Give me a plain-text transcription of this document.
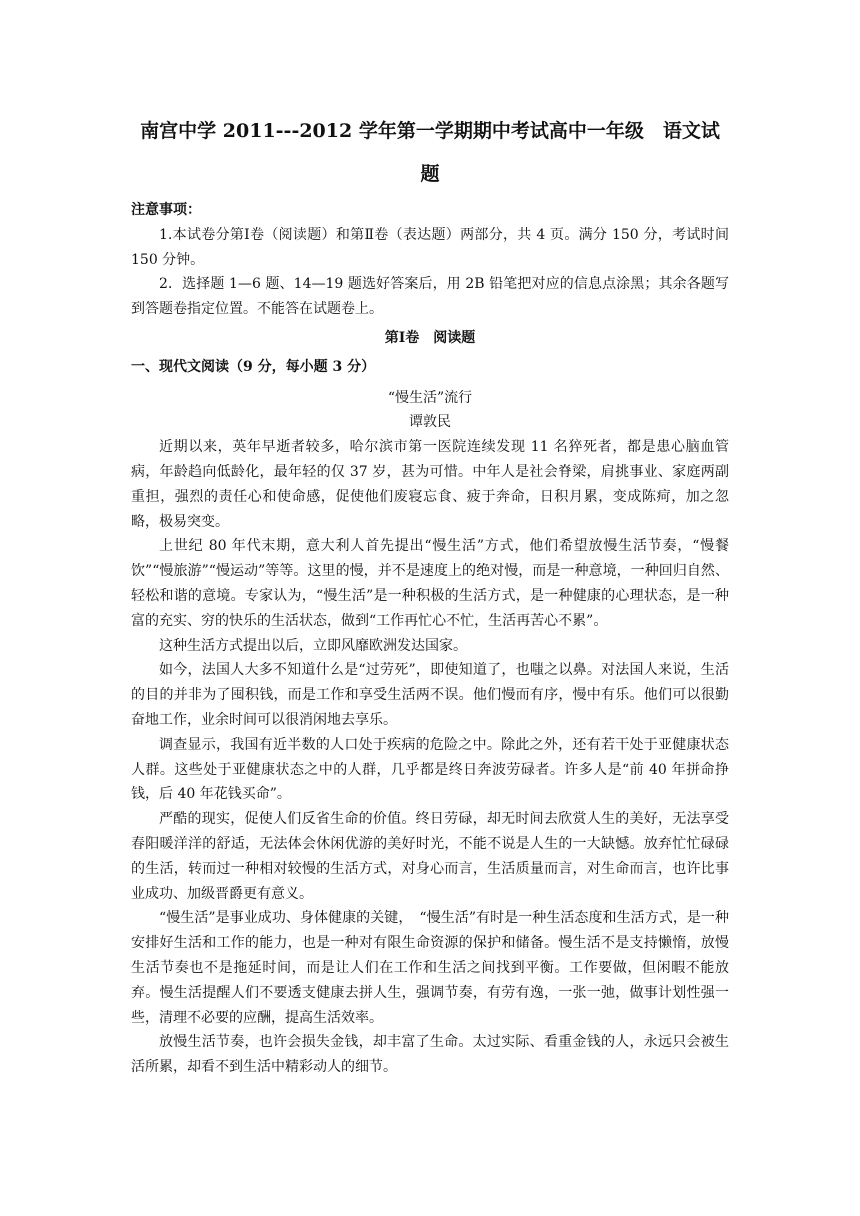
南宫中学 2011---2012 学年第一学期期中考试高中一年级　语文试
题

注意事项：

1.本试卷分第Ⅰ卷（阅读题）和第Ⅱ卷（表达题）两部分，共 4 页。满分 150 分，考试时间 150 分钟。

2．选择题 1—6 题、14—19 题选好答案后，用 2B 铅笔把对应的信息点涂黑；其余各题写到答题卷指定位置。不能答在试题卷上。

第Ⅰ卷　阅读题

一、现代文阅读（9 分，每小题 3 分）

“慢生活”流行

谭敦民

近期以来，英年早逝者较多，哈尔滨市第一医院连续发现 11 名猝死者，都是患心脑血管病，年龄趋向低龄化，最年轻的仅 37 岁，甚为可惜。中年人是社会脊梁，肩挑事业、家庭两副重担，强烈的责任心和使命感，促使他们废寝忘食、疲于奔命，日积月累，变成陈疴，加之忽略，极易突变。

上世纪 80 年代末期，意大利人首先提出“慢生活”方式，他们希望放慢生活节奏，“慢餐饮”“慢旅游”“慢运动”等等。这里的慢，并不是速度上的绝对慢，而是一种意境，一种回归自然、轻松和谐的意境。专家认为，“慢生活”是一种积极的生活方式，是一种健康的心理状态，是一种富的充实、穷的快乐的生活状态，做到“工作再忙心不忙，生活再苦心不累”。

这种生活方式提出以后，立即风靡欧洲发达国家。

如今，法国人大多不知道什么是“过劳死”，即使知道了，也嗤之以鼻。对法国人来说，生活的目的并非为了囤积钱，而是工作和享受生活两不误。他们慢而有序，慢中有乐。他们可以很勤奋地工作，业余时间可以很消闲地去享乐。

调查显示，我国有近半数的人口处于疾病的危险之中。除此之外，还有若干处于亚健康状态人群。这些处于亚健康状态之中的人群，几乎都是终日奔波劳碌者。许多人是“前 40 年拼命挣钱，后 40 年花钱买命”。

严酷的现实，促使人们反省生命的价值。终日劳碌，却无时间去欣赏人生的美好，无法享受春阳暖洋洋的舒适，无法体会休闲优游的美好时光，不能不说是人生的一大缺憾。放弃忙忙碌碌的生活，转而过一种相对较慢的生活方式，对身心而言，生活质量而言，对生命而言，也许比事业成功、加级晋爵更有意义。

“慢生活”是事业成功、身体健康的关键，　“慢生活”有时是一种生活态度和生活方式，是一种安排好生活和工作的能力，也是一种对有限生命资源的保护和储备。慢生活不是支持懒惰，放慢生活节奏也不是拖延时间，而是让人们在工作和生活之间找到平衡。工作要做，但闲暇不能放弃。慢生活提醒人们不要透支健康去拼人生，强调节奏，有劳有逸，一张一弛，做事计划性强一些，清理不必要的应酬，提高生活效率。

放慢生活节奏，也许会损失金钱，却丰富了生命。太过实际、看重金钱的人，永远只会被生活所累，却看不到生活中精彩动人的细节。
